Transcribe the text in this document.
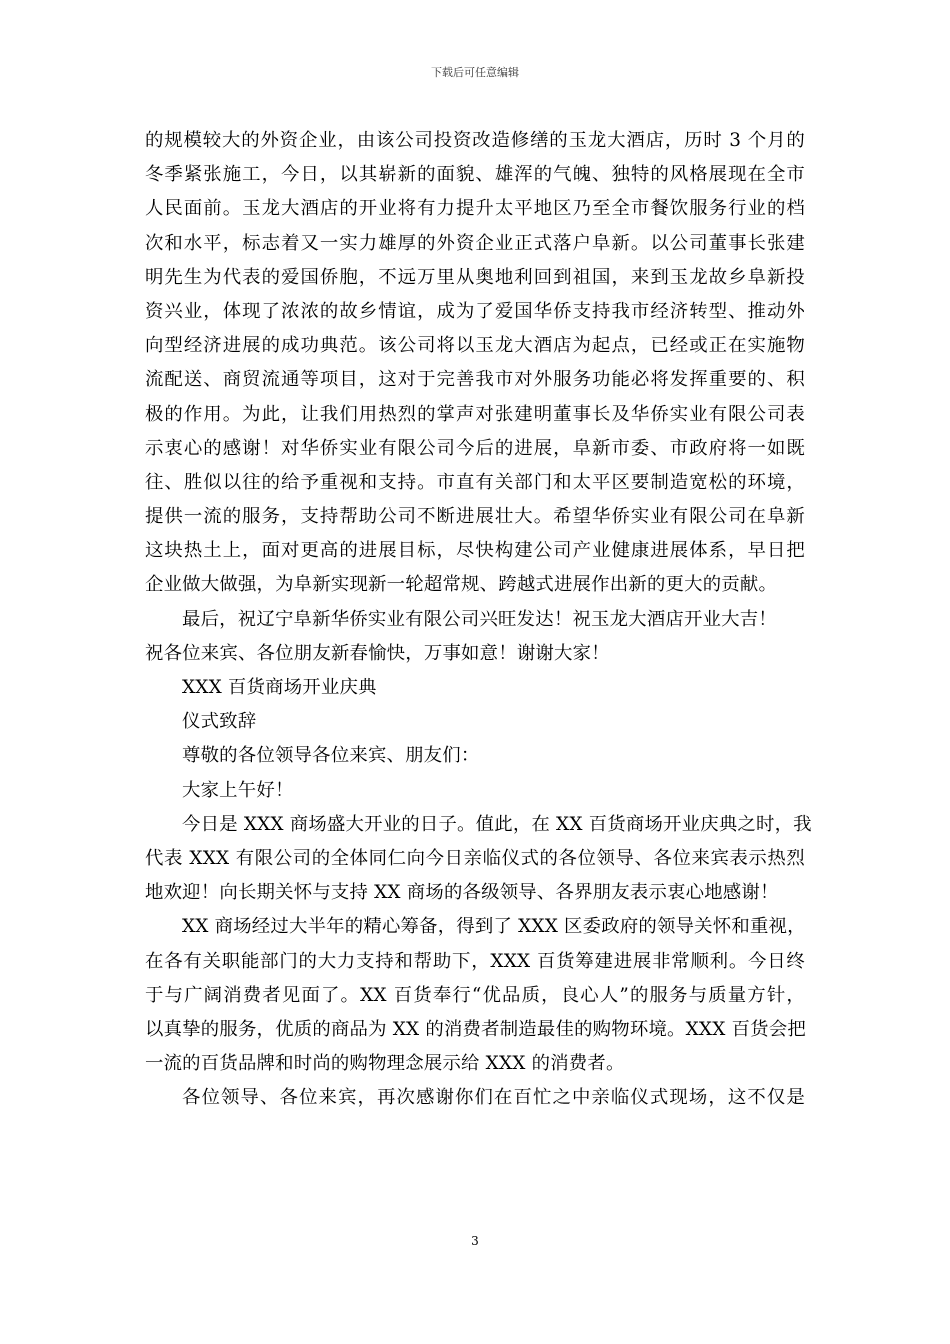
下载后可任意编辑
的规模较大的外资企业，由该公司投资改造修缮的玉龙大酒店，历时 3 个月的
冬季紧张施工，今日，以其崭新的面貌、雄浑的气魄、独特的风格展现在全市
人民面前。玉龙大酒店的开业将有力提升太平地区乃至全市餐饮服务行业的档
次和水平，标志着又一实力雄厚的外资企业正式落户阜新。以公司董事长张建
明先生为代表的爱国侨胞，不远万里从奥地利回到祖国，来到玉龙故乡阜新投
资兴业，体现了浓浓的故乡情谊，成为了爱国华侨支持我市经济转型、推动外
向型经济进展的成功典范。该公司将以玉龙大酒店为起点，已经或正在实施物
流配送、商贸流通等项目，这对于完善我市对外服务功能必将发挥重要的、积
极的作用。为此，让我们用热烈的掌声对张建明董事长及华侨实业有限公司表
示衷心的感谢！对华侨实业有限公司今后的进展，阜新市委、市政府将一如既
往、胜似以往的给予重视和支持。市直有关部门和太平区要制造宽松的环境，
提供一流的服务，支持帮助公司不断进展壮大。希望华侨实业有限公司在阜新
这块热土上，面对更高的进展目标，尽快构建公司产业健康进展体系，早日把
企业做大做强，为阜新实现新一轮超常规、跨越式进展作出新的更大的贡献。
最后，祝辽宁阜新华侨实业有限公司兴旺发达！祝玉龙大酒店开业大吉！
祝各位来宾、各位朋友新春愉快，万事如意！谢谢大家！
XXX 百货商场开业庆典
仪式致辞
尊敬的各位领导各位来宾、朋友们：
大家上午好！
今日是 XXX 商场盛大开业的日子。值此，在 XX 百货商场开业庆典之时，我
代表 XXX 有限公司的全体同仁向今日亲临仪式的各位领导、各位来宾表示热烈
地欢迎！向长期关怀与支持 XX 商场的各级领导、各界朋友表示衷心地感谢！
XX 商场经过大半年的精心筹备，得到了 XXX 区委政府的领导关怀和重视，
在各有关职能部门的大力支持和帮助下，XXX 百货筹建进展非常顺利。今日终
于与广阔消费者见面了。XX 百货奉行“优品质，良心人”的服务与质量方针，
以真挚的服务，优质的商品为 XX 的消费者制造最佳的购物环境。XXX 百货会把
一流的百货品牌和时尚的购物理念展示给 XXX 的消费者。
各位领导、各位来宾，再次感谢你们在百忙之中亲临仪式现场，这不仅是
3
